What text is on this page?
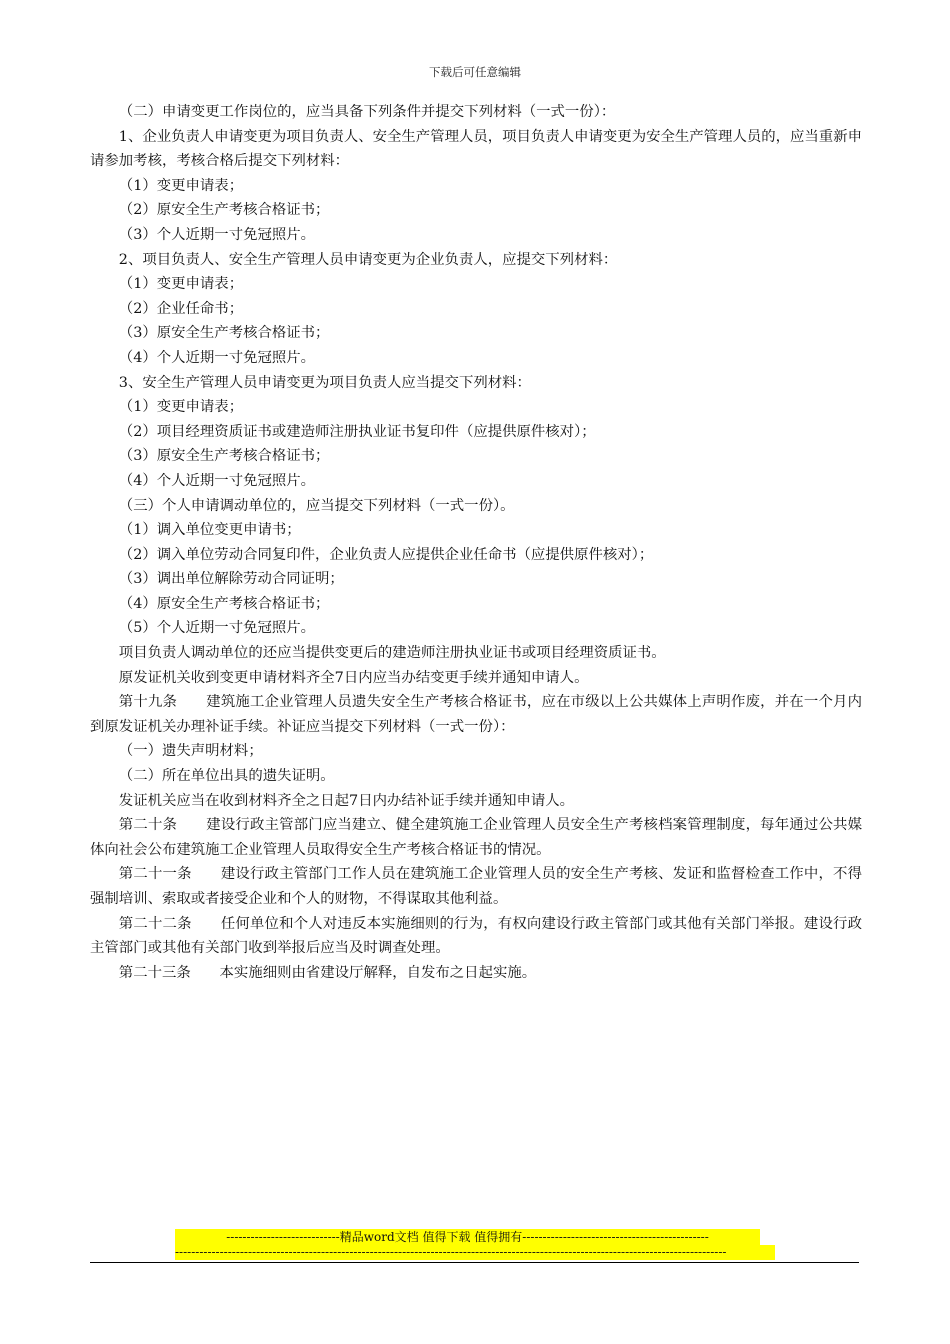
下载后可任意编辑

（二）申请变更工作岗位的，应当具备下列条件并提交下列材料（一式一份）：

1、企业负责人申请变更为项目负责人、安全生产管理人员，项目负责人申请变更为安全生产管理人员的，应当重新申请参加考核，考核合格后提交下列材料：

（1）变更申请表；

（2）原安全生产考核合格证书；

（3）个人近期一寸免冠照片。

2、项目负责人、安全生产管理人员申请变更为企业负责人，应提交下列材料：

（1）变更申请表；

（2）企业任命书；

（3）原安全生产考核合格证书；

（4）个人近期一寸免冠照片。

3、安全生产管理人员申请变更为项目负责人应当提交下列材料：

（1）变更申请表；

（2）项目经理资质证书或建造师注册执业证书复印件（应提供原件核对）；

（3）原安全生产考核合格证书；

（4）个人近期一寸免冠照片。

（三）个人申请调动单位的，应当提交下列材料（一式一份）。

（1）调入单位变更申请书；

（2）调入单位劳动合同复印件，企业负责人应提供企业任命书（应提供原件核对）；

（3）调出单位解除劳动合同证明；

（4）原安全生产考核合格证书；

（5）个人近期一寸免冠照片。

项目负责人调动单位的还应当提供变更后的建造师注册执业证书或项目经理资质证书。

原发证机关收到变更申请材料齐全7日内应当办结变更手续并通知申请人。

第十九条　　建筑施工企业管理人员遗失安全生产考核合格证书，应在市级以上公共媒体上声明作废，并在一个月内到原发证机关办理补证手续。补证应当提交下列材料（一式一份）：

（一）遗失声明材料；

（二）所在单位出具的遗失证明。

发证机关应当在收到材料齐全之日起7日内办结补证手续并通知申请人。

第二十条　　建设行政主管部门应当建立、健全建筑施工企业管理人员安全生产考核档案管理制度，每年通过公共媒体向社会公布建筑施工企业管理人员取得安全生产考核合格证书的情况。

第二十一条　　建设行政主管部门工作人员在建筑施工企业管理人员的安全生产考核、发证和监督检查工作中，不得强制培训、索取或者接受企业和个人的财物，不得谋取其他利益。

第二十二条　　任何单位和个人对违反本实施细则的行为，有权向建设行政主管部门或其他有关部门举报。建设行政主管部门或其他有关部门收到举报后应当及时调查处理。

第二十三条　　本实施细则由省建设厅解释，自发布之日起实施。

----------------------------精品word文档 值得下载 值得拥有----------------------------------------------
----------------------------------------------------------------------------------------------------------------------------------------
